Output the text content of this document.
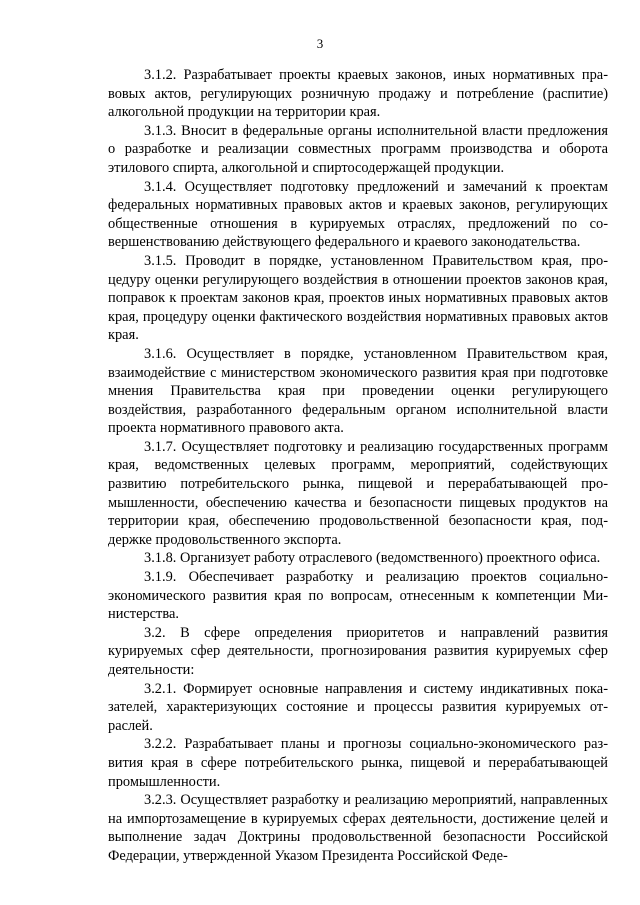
3

3.1.2. Разрабатывает проекты краевых законов, иных нормативных правовых актов, регулирующих розничную продажу и потребление (распитие) алкогольной продукции на территории края.

3.1.3. Вносит в федеральные органы исполнительной власти предложения о разработке и реализации совместных программ производства и оборота этилового спирта, алкогольной и спиртосодержащей продукции.

3.1.4. Осуществляет подготовку предложений и замечаний к проектам федеральных нормативных правовых актов и краевых законов, регулирующих общественные отношения в курируемых отраслях, предложений по совершенствованию действующего федерального и краевого законодательства.

3.1.5. Проводит в порядке, установленном Правительством края, процедуру оценки регулирующего воздействия в отношении проектов законов края, поправок к проектам законов края, проектов иных нормативных правовых актов края, процедуру оценки фактического воздействия нормативных правовых актов края.

3.1.6. Осуществляет в порядке, установленном Правительством края, взаимодействие с министерством экономического развития края при подготовке мнения Правительства края при проведении оценки регулирующего воздействия, разработанного федеральным органом исполнительной власти проекта нормативного правового акта.

3.1.7. Осуществляет подготовку и реализацию государственных программ края, ведомственных целевых программ, мероприятий, содействующих развитию потребительского рынка, пищевой и перерабатывающей промышленности, обеспечению качества и безопасности пищевых продуктов на территории края, обеспечению продовольственной безопасности края, поддержке продовольственного экспорта.

3.1.8. Организует работу отраслевого (ведомственного) проектного офиса.

3.1.9. Обеспечивает разработку и реализацию проектов социально-экономического развития края по вопросам, отнесенным к компетенции Министерства.

3.2. В сфере определения приоритетов и направлений развития курируемых сфер деятельности, прогнозирования развития курируемых сфер деятельности:

3.2.1. Формирует основные направления и систему индикативных показателей, характеризующих состояние и процессы развития курируемых отраслей.

3.2.2. Разрабатывает планы и прогнозы социально-экономического развития края в сфере потребительского рынка, пищевой и перерабатывающей промышленности.

3.2.3. Осуществляет разработку и реализацию мероприятий, направленных на импортозамещение в курируемых сферах деятельности, достижение целей и выполнение задач Доктрины продовольственной безопасности Российской Федерации, утвержденной Указом Президента Российской Феде-
